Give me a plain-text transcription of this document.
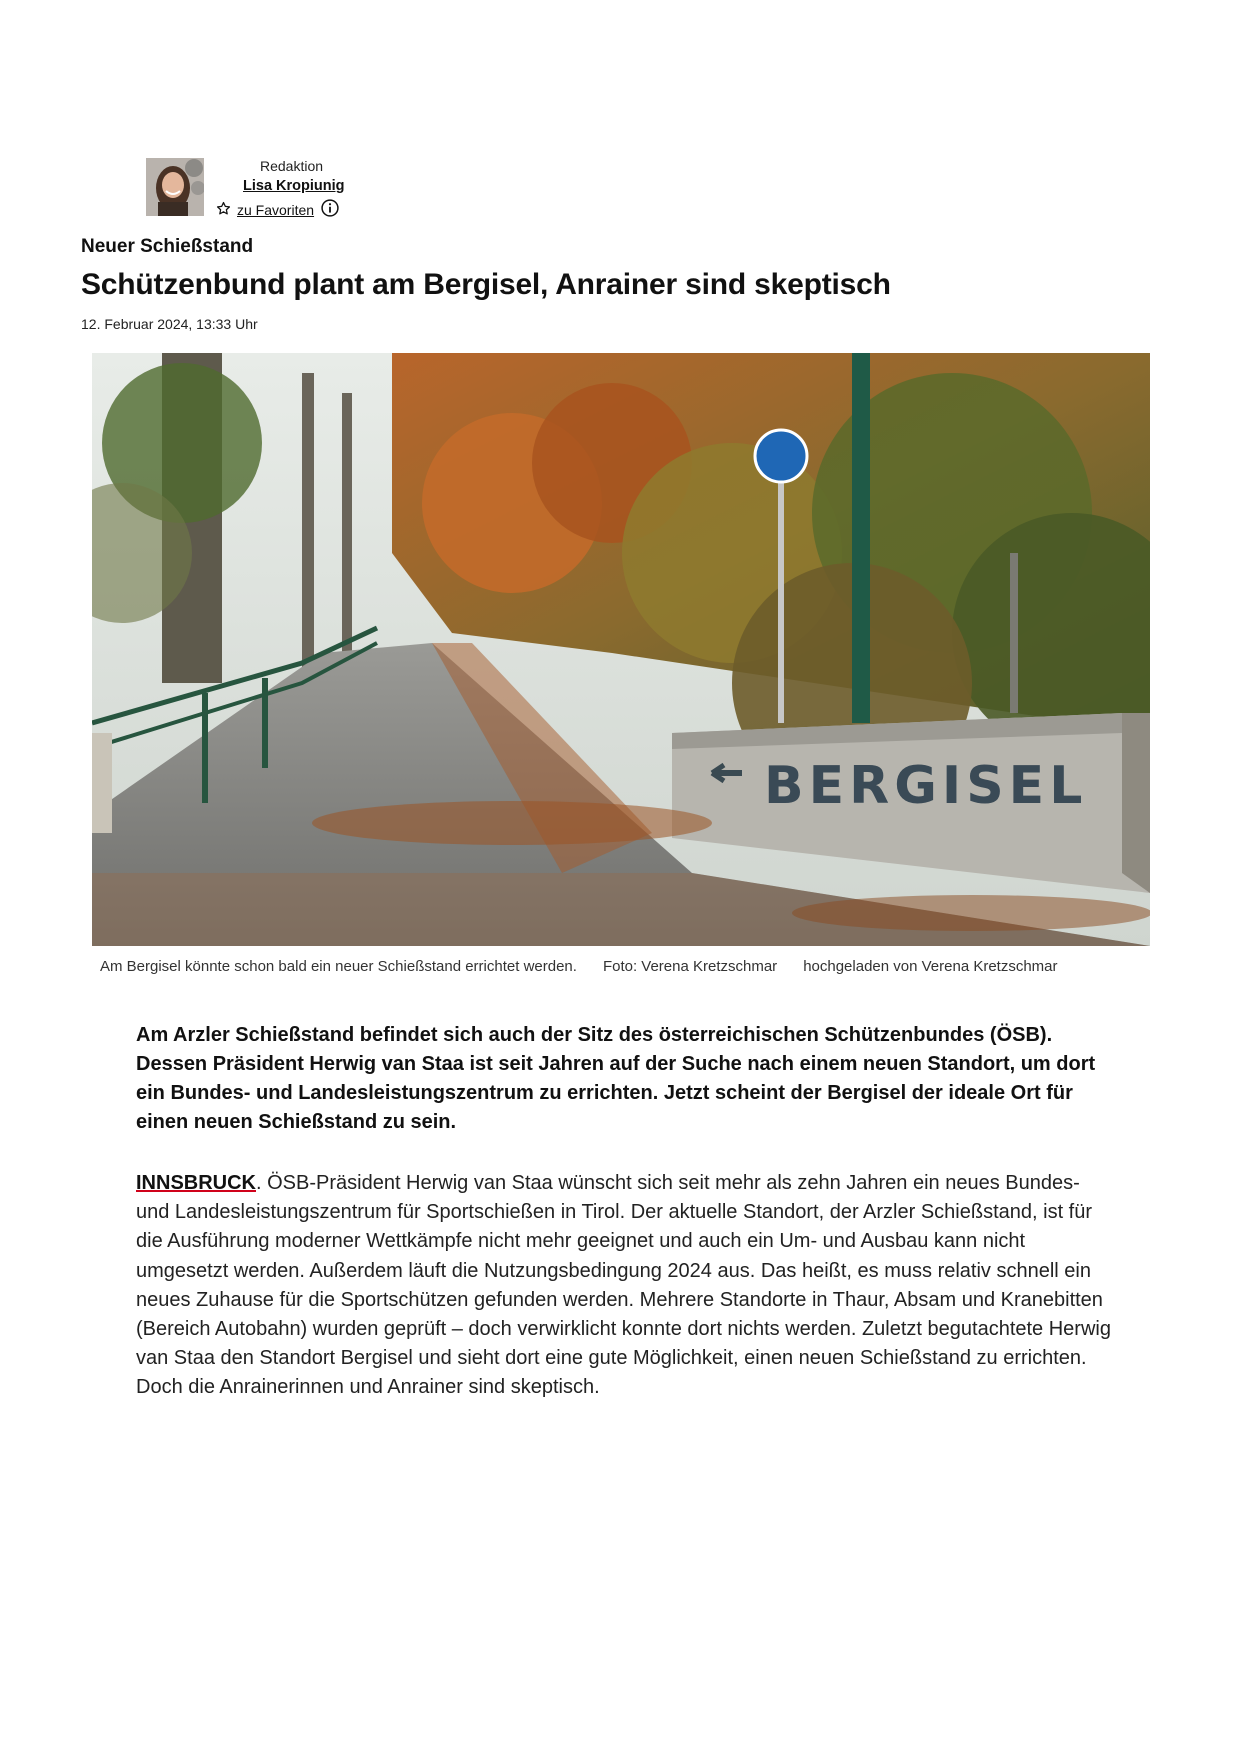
Redaktion
Lisa Kropiunig
zu Favoriten
Neuer Schießstand
Schützenbund plant am Bergisel, Anrainer sind skeptisch
12. Februar 2024, 13:33 Uhr
BERGISEL
Am Bergisel könnte schon bald ein neuer Schießstand errichtet werden. Foto: Verena Kretzschmar hochgeladen von Verena Kretzschmar

Am Arzler Schießstand befindet sich auch der Sitz des österreichischen Schützenbundes (ÖSB). Dessen Präsident Herwig van Staa ist seit Jahren auf der Suche nach einem neuen Standort, um dort ein Bundes- und Landesleistungszentrum zu errichten. Jetzt scheint der Bergisel der ideale Ort für einen neuen Schießstand zu sein.

INNSBRUCK. ÖSB-Präsident Herwig van Staa wünscht sich seit mehr als zehn Jahren ein neues Bundes- und Landesleistungszentrum für Sportschießen in Tirol. Der aktuelle Standort, der Arzler Schießstand, ist für die Ausführung moderner Wettkämpfe nicht mehr geeignet und auch ein Um- und Ausbau kann nicht umgesetzt werden. Außerdem läuft die Nutzungsbedingung 2024 aus. Das heißt, es muss relativ schnell ein neues Zuhause für die Sportschützen gefunden werden. Mehrere Standorte in Thaur, Absam und Kranebitten (Bereich Autobahn) wurden geprüft – doch verwirklicht konnte dort nichts werden. Zuletzt begutachtete Herwig van Staa den Standort Bergisel und sieht dort eine gute Möglichkeit, einen neuen Schießstand zu errichten. Doch die Anrainerinnen und Anrainer sind skeptisch.
